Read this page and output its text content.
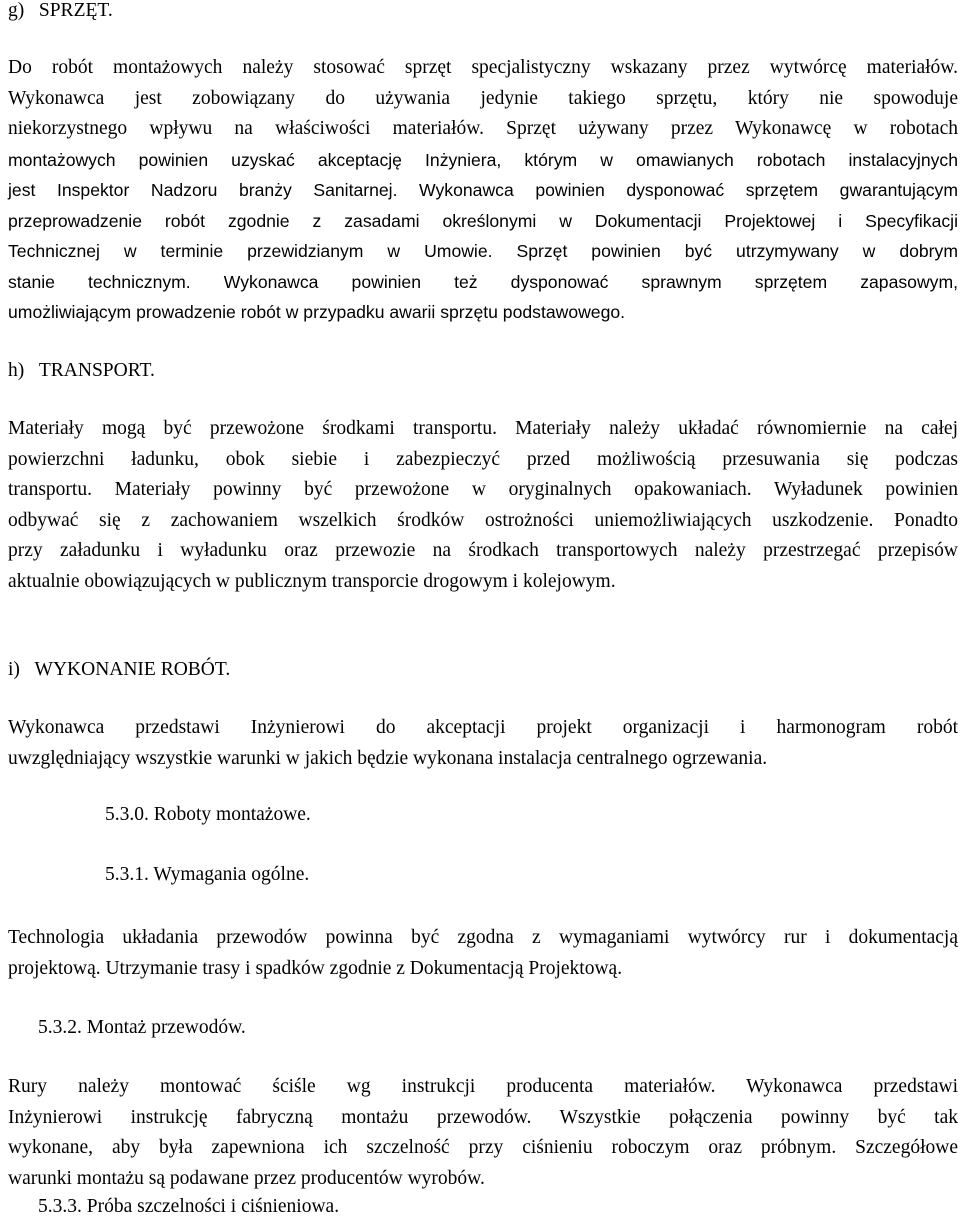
g)   SPRZĘT.
Do robót montażowych należy stosować sprzęt specjalistyczny wskazany przez wytwórcę materiałów.
Wykonawca jest zobowiązany do używania jedynie takiego sprzętu, który nie spowoduje
niekorzystnego wpływu na właściwości materiałów. Sprzęt używany przez Wykonawcę w robotach
montażowych powinien uzyskać akceptację Inżyniera, którym w omawianych robotach instalacyjnych
jest Inspektor Nadzoru branży Sanitarnej. Wykonawca powinien dysponować sprzętem gwarantującym
przeprowadzenie robót zgodnie z zasadami określonymi w Dokumentacji Projektowej i Specyfikacji
Technicznej w terminie przewidzianym w Umowie. Sprzęt powinien być utrzymywany w dobrym
stanie technicznym. Wykonawca powinien też dysponować sprawnym sprzętem zapasowym,
umożliwiającym prowadzenie robót w przypadku awarii sprzętu podstawowego.
h)   TRANSPORT.
Materiały mogą być przewożone środkami transportu. Materiały należy układać równomiernie na całej
powierzchni ładunku, obok siebie i zabezpieczyć przed możliwością przesuwania się podczas
transportu. Materiały powinny być przewożone w oryginalnych opakowaniach. Wyładunek powinien
odbywać się z zachowaniem wszelkich środków ostrożności uniemożliwiających uszkodzenie. Ponadto
przy załadunku i wyładunku oraz przewozie na środkach transportowych należy przestrzegać przepisów
aktualnie obowiązujących w publicznym transporcie drogowym i kolejowym.
i)   WYKONANIE ROBÓT.
Wykonawca przedstawi Inżynierowi do akceptacji projekt organizacji i harmonogram robót
uwzględniający wszystkie warunki w jakich będzie wykonana instalacja centralnego ogrzewania.
5.3.0. Roboty montażowe.
5.3.1. Wymagania ogólne.
Technologia układania przewodów powinna być zgodna z wymaganiami wytwórcy rur i dokumentacją
projektową. Utrzymanie trasy i spadków zgodnie z Dokumentacją Projektową.
5.3.2. Montaż przewodów.
Rury należy montować ściśle wg instrukcji producenta materiałów. Wykonawca przedstawi
Inżynierowi instrukcję fabryczną montażu przewodów. Wszystkie połączenia powinny być tak
wykonane, aby była zapewniona ich szczelność przy ciśnieniu roboczym oraz próbnym. Szczegółowe
warunki montażu są podawane przez producentów wyrobów.
5.3.3. Próba szczelności i ciśnieniowa.
